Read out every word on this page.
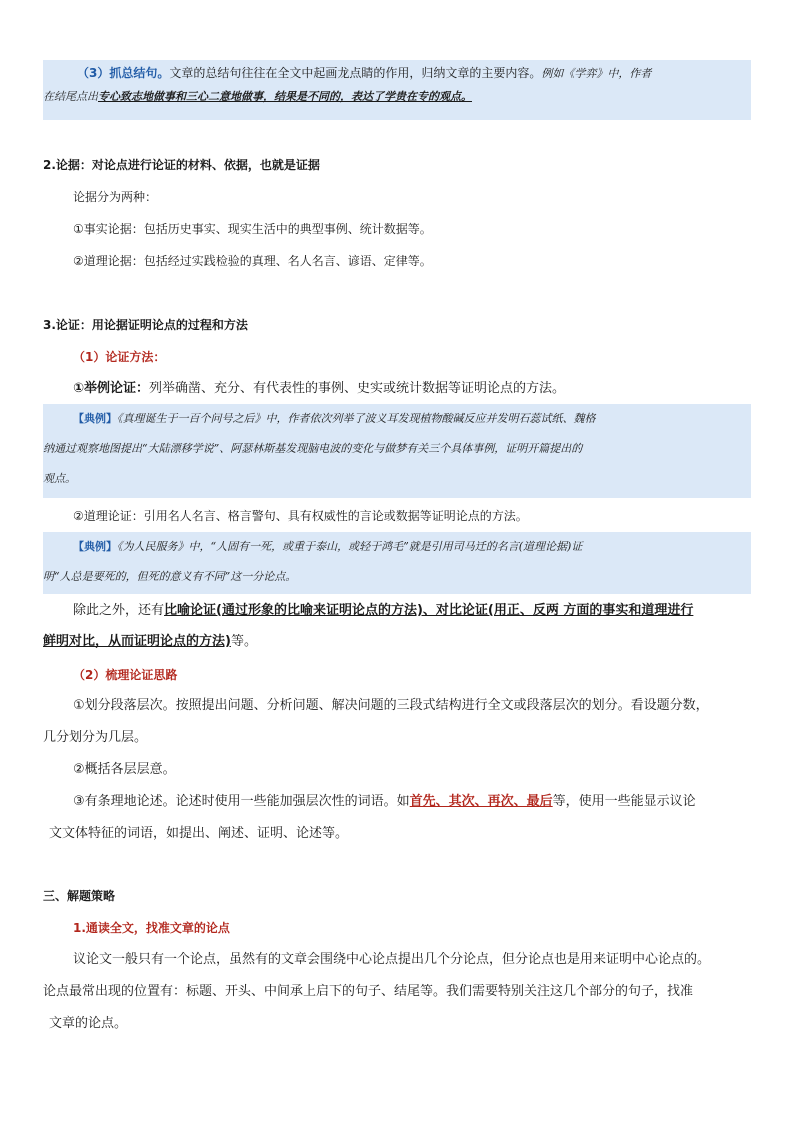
（3）抓总结句。文章的总结句往往在全文中起画龙点睛的作用，归纳文章的主要内容。例如《学弈》中，作者
在结尾点出专心致志地做事和三心二意地做事，结果是不同的，表达了学贵在专的观点。
2.论据：对论点进行论证的材料、依据，也就是证据
论据分为两种：
①事实论据：包括历史事实、现实生活中的典型事例、统计数据等。
②道理论据：包括经过实践检验的真理、名人名言、谚语、定律等。
3.论证：用论据证明论点的过程和方法
（1）论证方法：
①举例论证：列举确凿、充分、有代表性的事例、史实或统计数据等证明论点的方法。
【典例】《真理诞生于一百个问号之后》中，作者依次列举了波义耳发现植物酸碱反应并发明石蕊试纸、魏格
纳通过观察地图提出“大陆漂移学说”、阿瑟林斯基发现脑电波的变化与做梦有关三个具体事例，证明开篇提出的
观点。
②道理论证：引用名人名言、格言警句、具有权威性的言论或数据等证明论点的方法。
【典例】《为人民服务》中，“人固有一死，或重于泰山，或轻于鸿毛”就是引用司马迁的名言(道理论据)证
明“人总是要死的，但死的意义有不同”这一分论点。
除此之外，还有比喻论证(通过形象的比喻来证明论点的方法)、对比论证(用正、反两 方面的事实和道理进行
鲜明对比，从而证明论点的方法)等。
（2）梳理论证思路
①划分段落层次。按照提出问题、分析问题、解决问题的三段式结构进行全文或段落层次的划分。看设题分数，
几分划分为几层。
②概括各层层意。
③有条理地论述。论述时使用一些能加强层次性的词语。如首先、其次、再次、最后等，使用一些能显示议论
文文体特征的词语，如提出、阐述、证明、论述等。
三、解题策略
1.通读全文，找准文章的论点
议论文一般只有一个论点，虽然有的文章会围绕中心论点提出几个分论点，但分论点也是用来证明中心论点的。
论点最常出现的位置有：标题、开头、中间承上启下的句子、结尾等。我们需要特别关注这几个部分的句子，找准
文章的论点。
